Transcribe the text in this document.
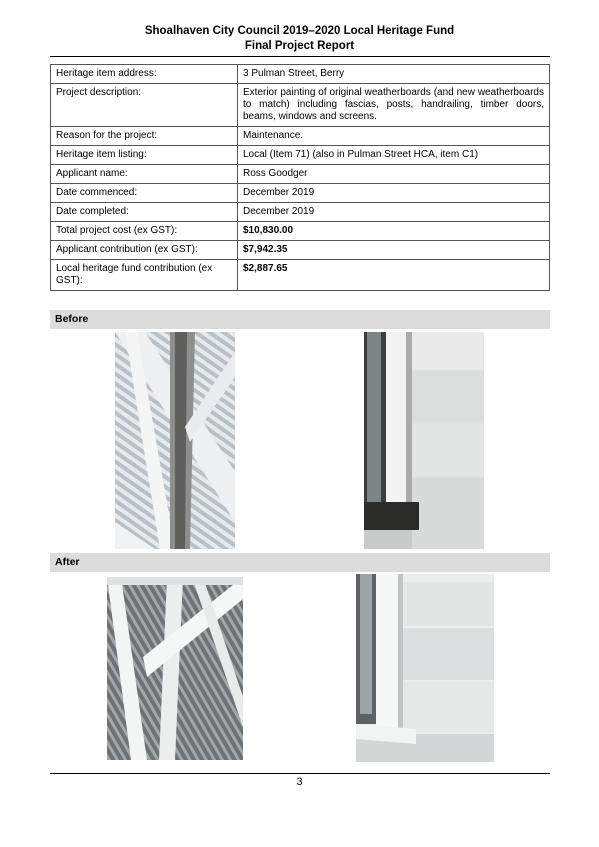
Shoalhaven City Council 2019–2020 Local Heritage Fund
Final Project Report
Heritage item address:	3 Pulman Street, Berry
Project description:	Exterior painting of original weatherboards (and new weatherboards to match) including fascias, posts, handrailing, timber doors, beams, windows and screens.
Reason for the project:	Maintenance.
Heritage item listing:	Local (Item 71) (also in Pulman Street HCA, item C1)
Applicant name:	Ross Goodger
Date commenced:	December 2019
Date completed:	December 2019
Total project cost (ex GST):	$10,830.00
Applicant contribution (ex GST):	$7,942.35
Local heritage fund contribution (ex GST):	$2,887.65
Before
After
3
